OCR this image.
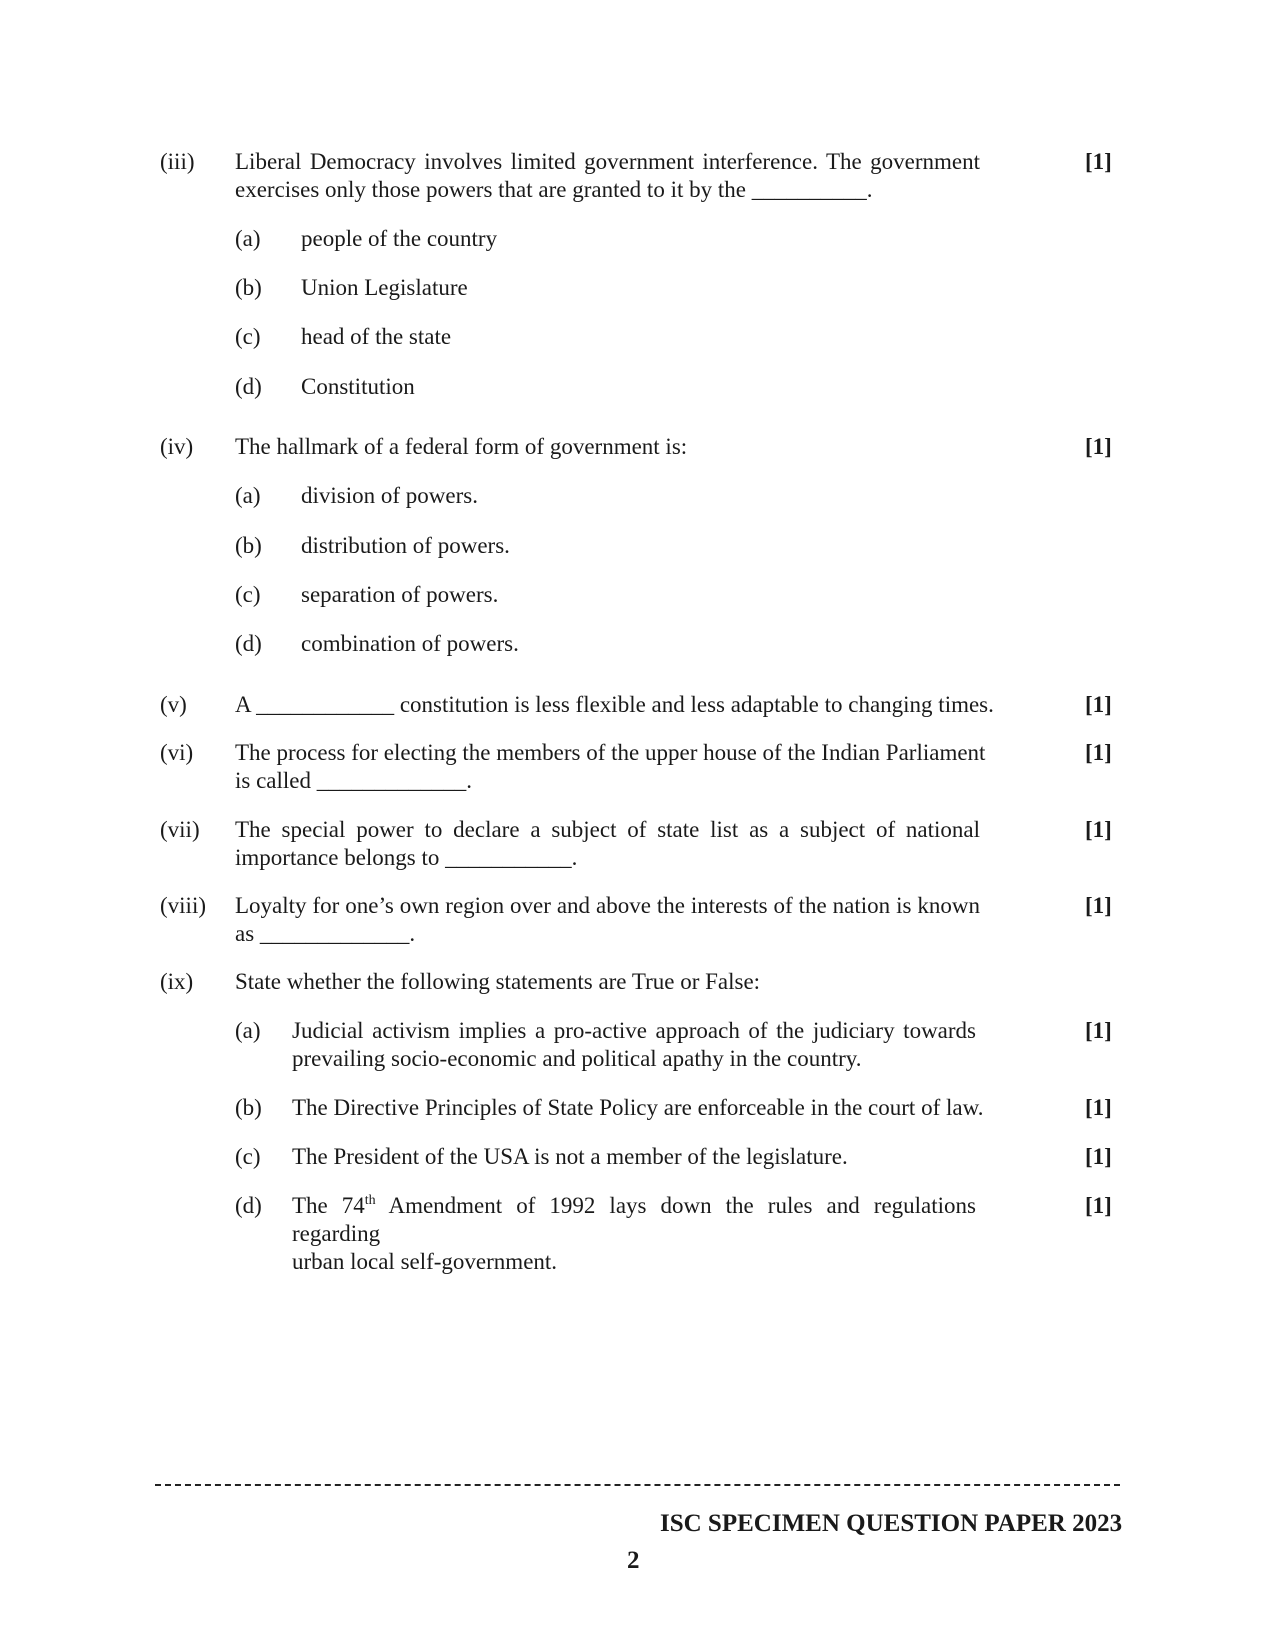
(iii) Liberal Democracy involves limited government interference. The government
exercises only those powers that are granted to it by the __________.
[1]
(a) people of the country
(b) Union Legislature
(c) head of the state
(d) Constitution
(iv) The hallmark of a federal form of government is:	[1]
(a) division of powers.
(b) distribution of powers.
(c) separation of powers.
(d) combination of powers.
(v) A ____________ constitution is less flexible and less adaptable to changing times.	[1]
(vi) The process for electing the members of the upper house of the Indian Parliament
is called _____________.
[1]
(vii) The special power to declare a subject of state list as a subject of national
importance belongs to ___________.
[1]
(viii) Loyalty for one’s own region over and above the interests of the nation is known
as _____________.
[1]
(ix) State whether the following statements are True or False:
(a) Judicial activism implies a pro-active approach of the judiciary towards
prevailing socio-economic and political apathy in the country.
[1]
(b) The Directive Principles of State Policy are enforceable in the court of law.	[1]
(c) The President of the USA is not a member of the legislature.	[1]
(d) The 74th Amendment of 1992 lays down the rules and regulations regarding
urban local self-government.
[1]
ISC SPECIMEN QUESTION PAPER 2023
2
